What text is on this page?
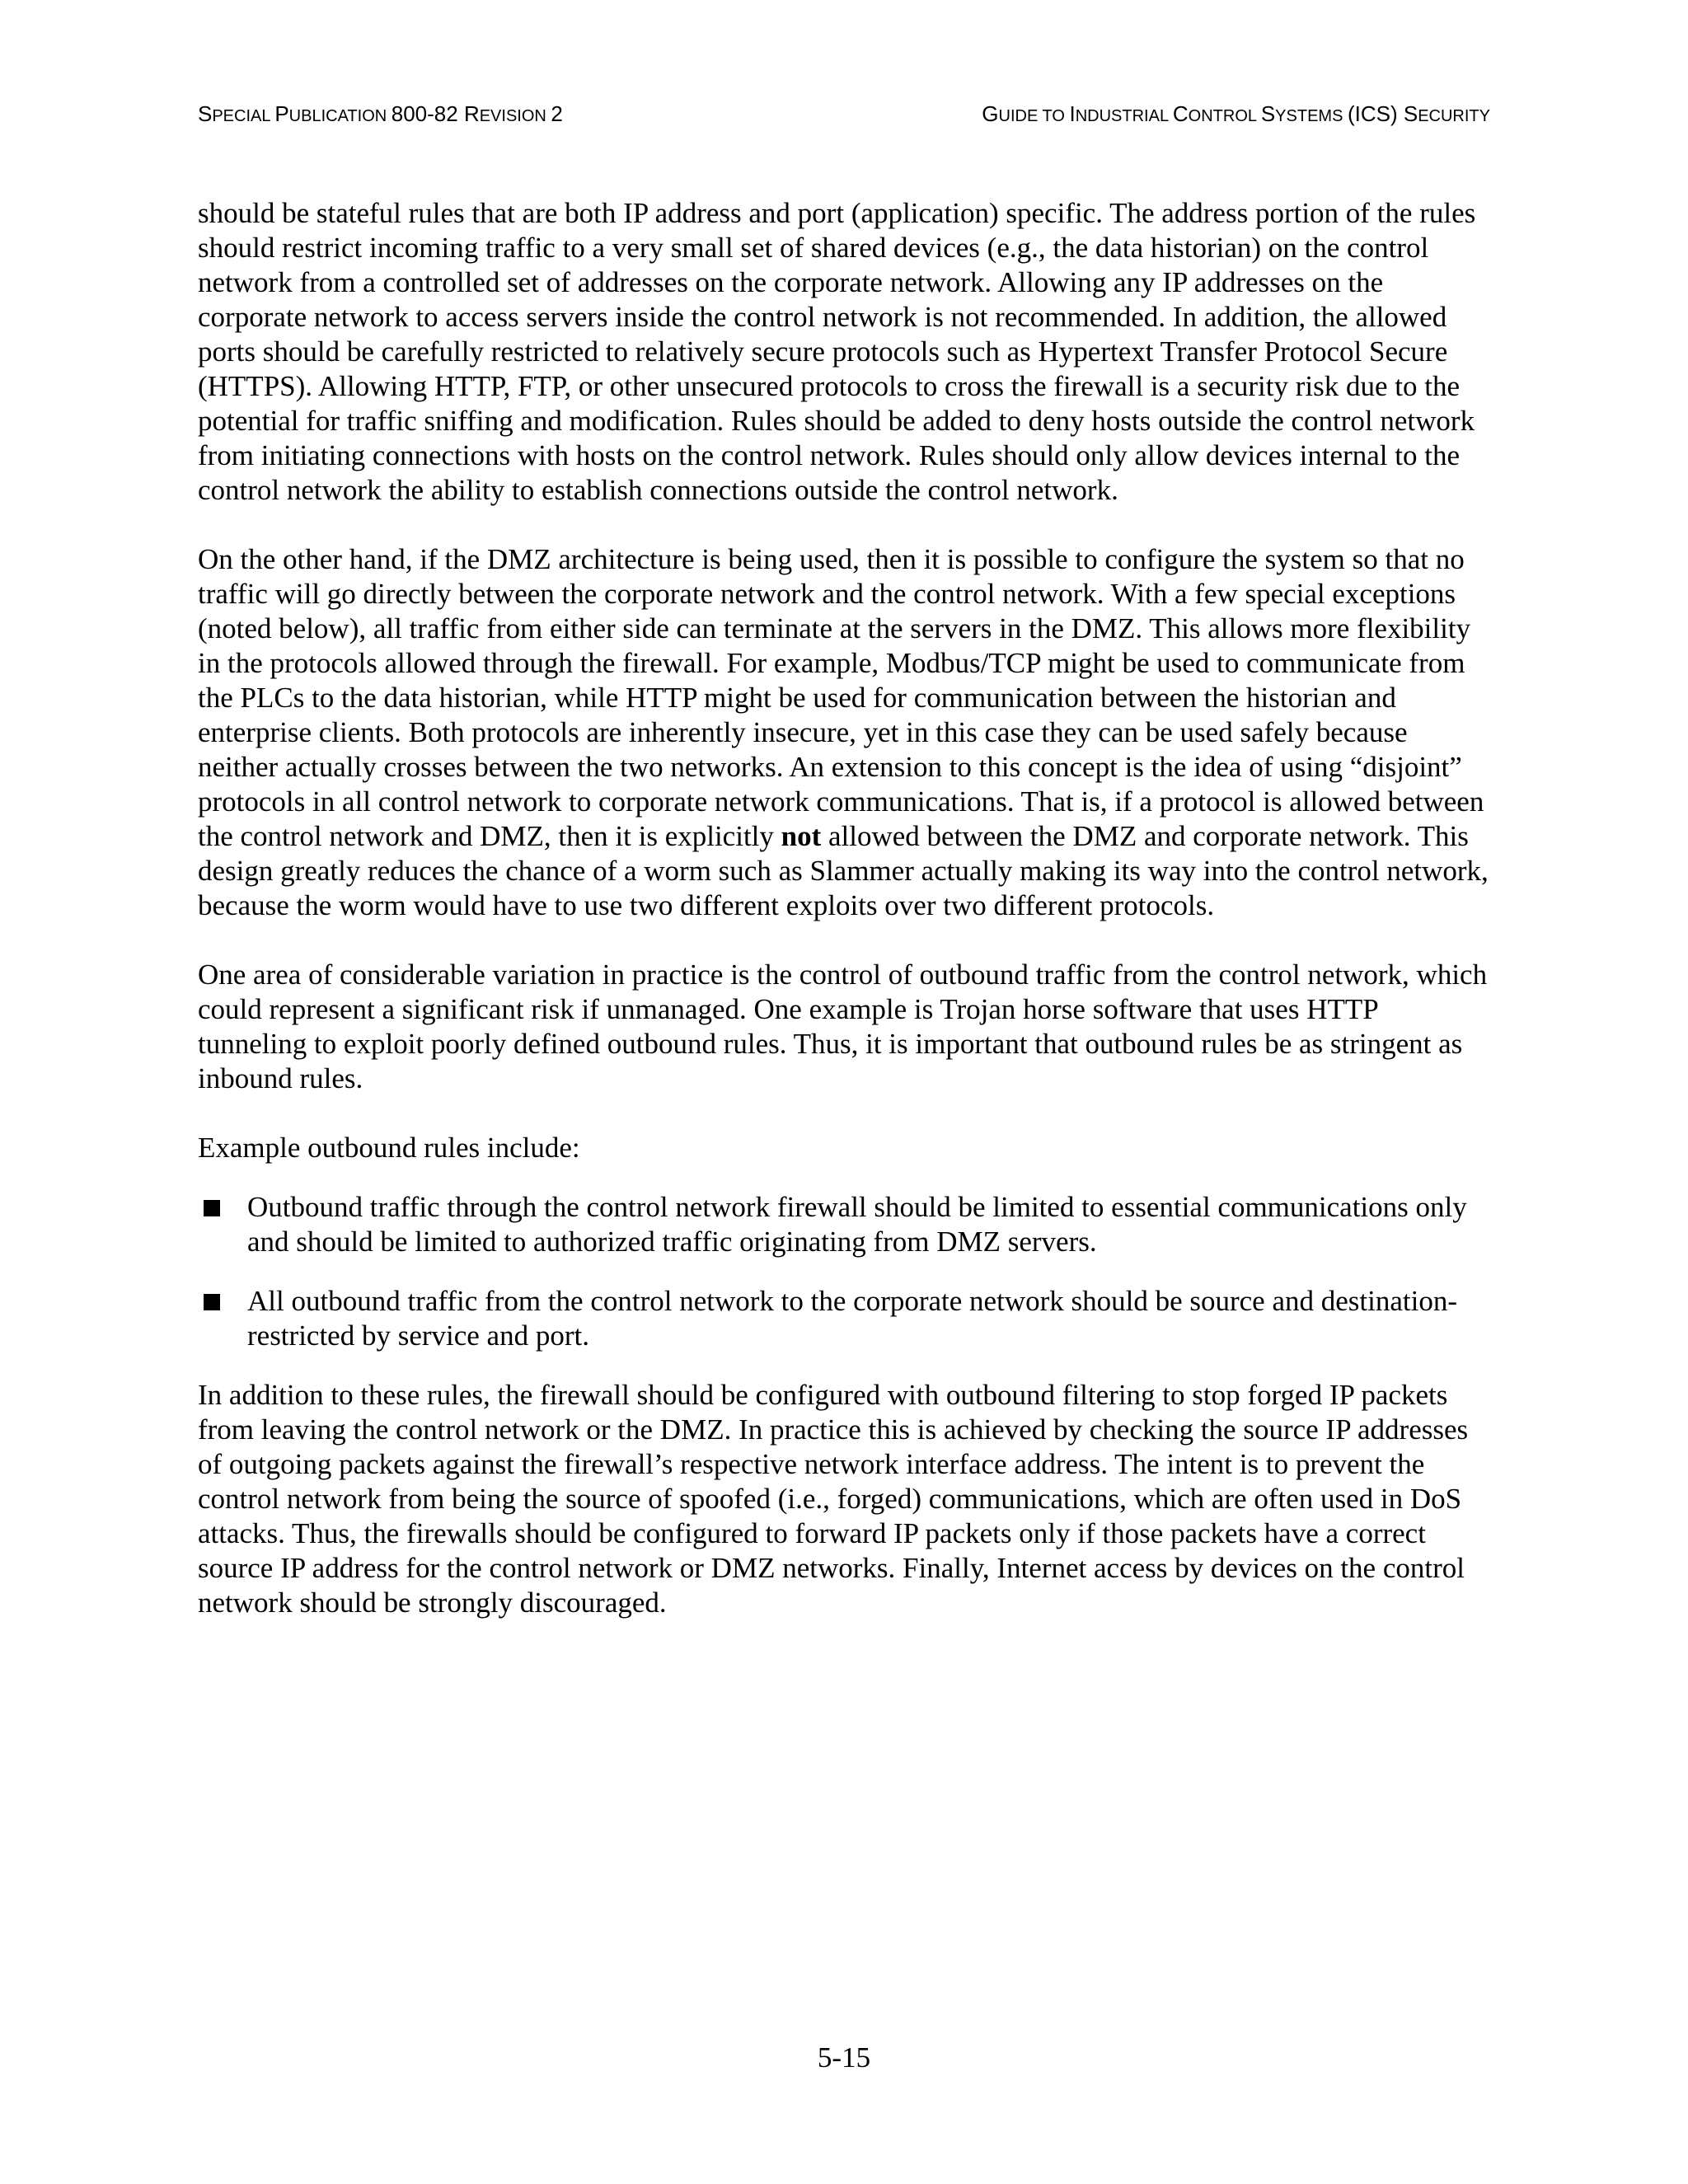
SPECIAL PUBLICATION 800-82 REVISION 2	GUIDE TO INDUSTRIAL CONTROL SYSTEMS (ICS) SECURITY

should be stateful rules that are both IP address and port (application) specific. The address portion of the rules should restrict incoming traffic to a very small set of shared devices (e.g., the data historian) on the control network from a controlled set of addresses on the corporate network. Allowing any IP addresses on the corporate network to access servers inside the control network is not recommended. In addition, the allowed ports should be carefully restricted to relatively secure protocols such as Hypertext Transfer Protocol Secure (HTTPS). Allowing HTTP, FTP, or other unsecured protocols to cross the firewall is a security risk due to the potential for traffic sniffing and modification. Rules should be added to deny hosts outside the control network from initiating connections with hosts on the control network. Rules should only allow devices internal to the control network the ability to establish connections outside the control network.

On the other hand, if the DMZ architecture is being used, then it is possible to configure the system so that no traffic will go directly between the corporate network and the control network. With a few special exceptions (noted below), all traffic from either side can terminate at the servers in the DMZ. This allows more flexibility in the protocols allowed through the firewall. For example, Modbus/TCP might be used to communicate from the PLCs to the data historian, while HTTP might be used for communication between the historian and enterprise clients. Both protocols are inherently insecure, yet in this case they can be used safely because neither actually crosses between the two networks. An extension to this concept is the idea of using “disjoint” protocols in all control network to corporate network communications. That is, if a protocol is allowed between the control network and DMZ, then it is explicitly not allowed between the DMZ and corporate network. This design greatly reduces the chance of a worm such as Slammer actually making its way into the control network, because the worm would have to use two different exploits over two different protocols.

One area of considerable variation in practice is the control of outbound traffic from the control network, which could represent a significant risk if unmanaged. One example is Trojan horse software that uses HTTP tunneling to exploit poorly defined outbound rules. Thus, it is important that outbound rules be as stringent as inbound rules.

Example outbound rules include:

Outbound traffic through the control network firewall should be limited to essential communications only and should be limited to authorized traffic originating from DMZ servers.
All outbound traffic from the control network to the corporate network should be source and destination-restricted by service and port.

In addition to these rules, the firewall should be configured with outbound filtering to stop forged IP packets from leaving the control network or the DMZ. In practice this is achieved by checking the source IP addresses of outgoing packets against the firewall’s respective network interface address. The intent is to prevent the control network from being the source of spoofed (i.e., forged) communications, which are often used in DoS attacks. Thus, the firewalls should be configured to forward IP packets only if those packets have a correct source IP address for the control network or DMZ networks. Finally, Internet access by devices on the control network should be strongly discouraged.

5-15
